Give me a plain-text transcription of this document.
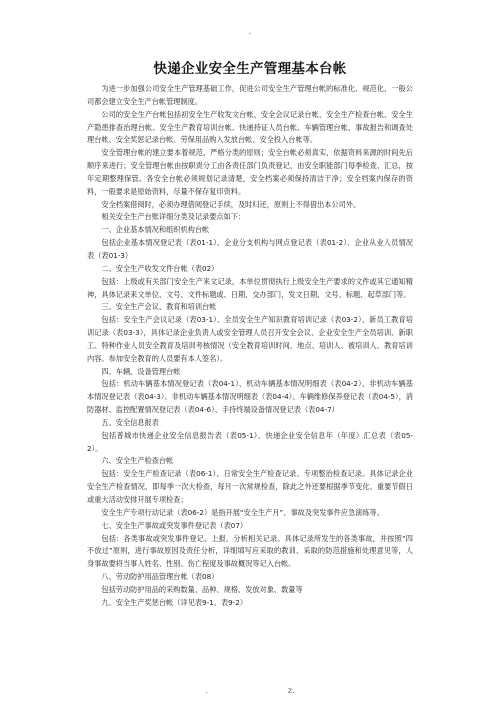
.
快递企业安全生产管理基本台帐

为进一步加强公司安全生产管理基础工作，促进公司安全生产管理台帐的标准化、规范化，一般公司都会建立安全生产台帐管理制度。

公司的安全生产台帐包括初安全生产收发文台帐、安全会议记录台帐、安全生产检查台帐、安全生产隐患排查治理台帐、安全生产教育培训台帐、快递持证人员台帐、车辆管理台帐、事故报告和调查处理台帐、安全奖惩记录台帐、劳保用品购入发放台帐、安全投入台帐等。

安全管理台帐的建立要本着规范、严格分类的原则；安全台帐必须真实，依据资料来源的时间先后顺序来进行；安全管理台帐由按职责分工由各责任部门负责登记，由安全职能部门每季检查、汇总，按年定期整理保管。各安全台帐必须规划记录清楚，安全档案必须保持清洁干净；安全档案内保存的资料，一般要求是原始资料，尽量不保存复印资料。

安全档案借阅时，必须办理借阅登记手续，及时归还，原则上不得借出本公司外。

相关安全生产台账详细分类及记录要点如下：

一、企业基本情况和组织机构台帐

包括企业基本情况登记表（表01-1）、企业分支机构与网点登记表（表01-2）、企业从业人员情况表（表01-3）

二、安全生产收发文件台帐（表02）

包括：上级或有关部门安全生产来文记录，本单位贯彻执行上级安全生产要求的文件或其它通知精神，具体记录来文单位、文号、文件标题或、日期、交办部门，发文日期、文号、标题、起草部门等。

三、安全生产会议、教育和培训台帐

包括：安全生产会议记录（表03-1）、全员安全生产知识教育培训记录（表03-2）、新员工教育培训记录（表03-3），具体记录企业负责人或安全管理人员召开安全会议、企业安全生产全员培训、新职工、特种作业人员安全教育及培训考核情况（安全教育培训时间、地点、培训人、被培训人、教育培训内容。参加安全教育的人员要有本人签名）。

四、车辆、设备管理台帐

包括：机动车辆基本情况登记表（表04-1）、机动车辆基本情况明细表（表04-2）、非机动车辆基本情况登记表（表04-3）、非机动车辆基本情况明细表（表04-4）、车辆维修保养登记表（表04-5），消防器材、监控配置情况登记表（表04-6）、手持终端设备情况登记表（表04-7）

五、安全信息报表

包括普城市快递企业安全信息报告表（表05-1）、快递企业安全信息年（年度）汇总表（表05-2）。

六、安全生产检查台帐

包括：安全生产检查记录（表06-1）、日常安全生产检查记录、专项整治检查记录。具体记录企业安全生产检查情况，即每季一次大检查，每月一次常规检查，除此之外还要根据季节变化、重要节假日或重大活动安排开展专项检查；

安全生产专项行动记录（表06-2）是指开展“安全生产月”、事故及突发事件应急演练等。

七、安全生产事故或突发事件登记表（表07）

包括：各类事故或突发事件登记、上报、分析相关记录。具体记录所发生的各类事故，并按照“四不放过”原则，进行事故原因及责任分析，详细填写应采取的教训、采取的防范措施和处理意见等，人身事故要将当事人姓名、性别、伤亡程度及事故概况等记入台帐。

八、劳动防护用品管理台帐（表08）

包括劳动防护用品的采购数量、品种、规格、发放对象、数量等

九、安全生产奖惩台帐（详见表9-1、表9-2）

.	z.
